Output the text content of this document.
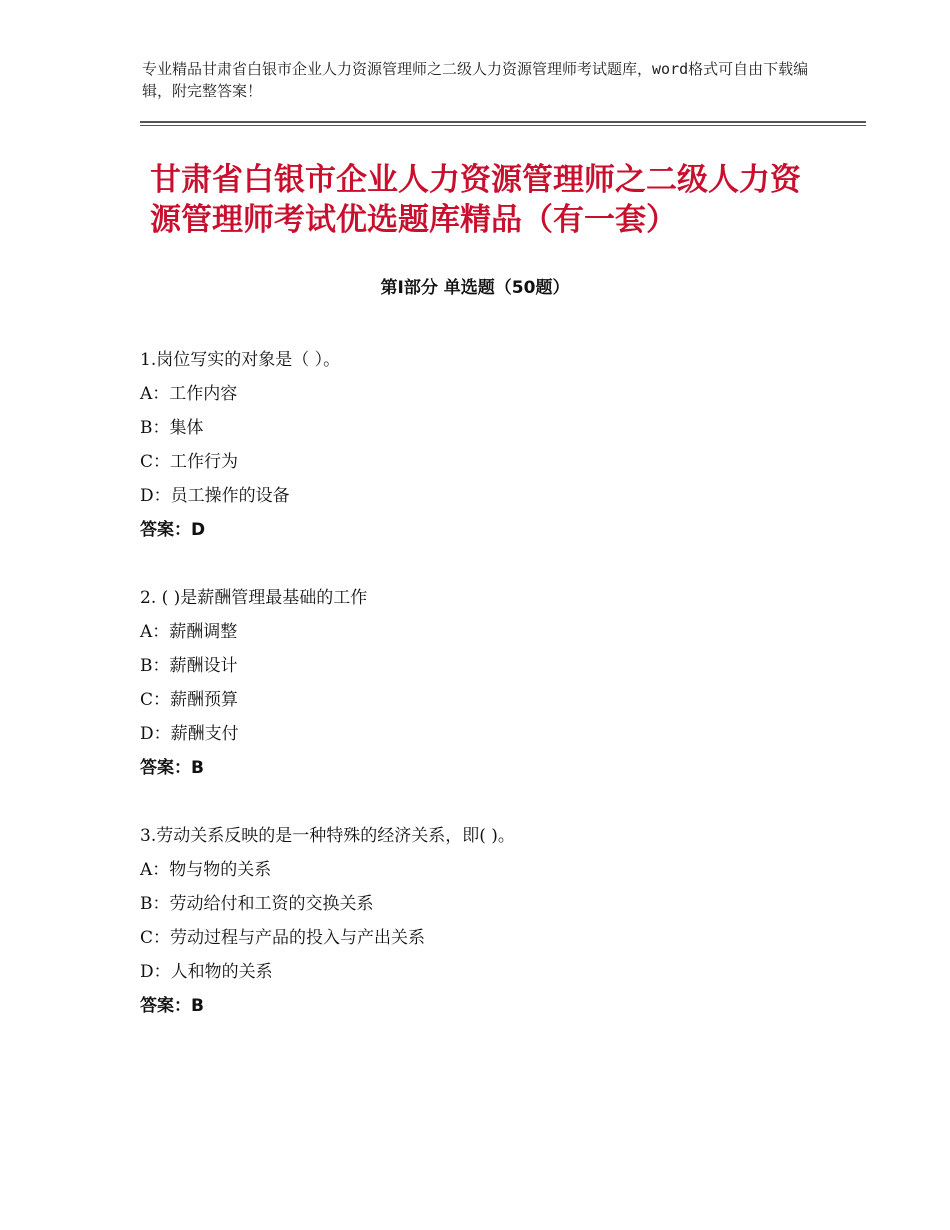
专业精品甘肃省白银市企业人力资源管理师之二级人力资源管理师考试题库，word格式可自由下载编辑，附完整答案！
甘肃省白银市企业人力资源管理师之二级人力资源管理师考试优选题库精品（有一套）
第Ⅰ部分 单选题（50题）
1.岗位写实的对象是（ ）。
A：工作内容
B：集体
C：工作行为
D：员工操作的设备
答案：D
2. ( )是薪酬管理最基础的工作
A：薪酬调整
B：薪酬设计
C：薪酬预算
D：薪酬支付
答案：B
3.劳动关系反映的是一种特殊的经济关系，即( )。
A：物与物的关系
B：劳动给付和工资的交换关系
C：劳动过程与产品的投入与产出关系
D：人和物的关系
答案：B
